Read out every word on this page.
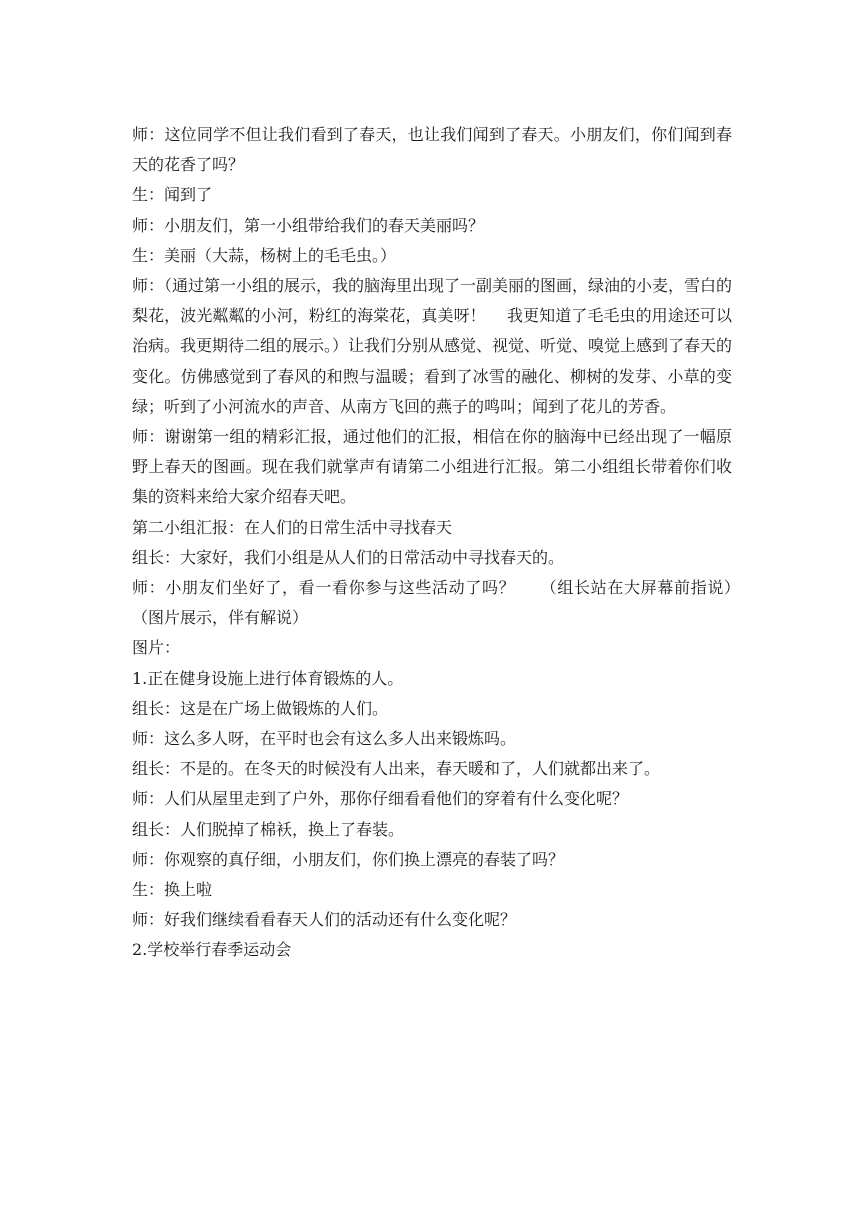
师：这位同学不但让我们看到了春天，也让我们闻到了春天。小朋友们，你们闻到春天的花香了吗？

生：闻到了

师：小朋友们，第一小组带给我们的春天美丽吗？

生：美丽（大蒜，杨树上的毛毛虫。）

师：（通过第一小组的展示，我的脑海里出现了一副美丽的图画，绿油的小麦，雪白的梨花，波光粼粼的小河，粉红的海棠花，真美呀！　 我更知道了毛毛虫的用途还可以治病。我更期待二组的展示。）让我们分别从感觉、视觉、听觉、嗅觉上感到了春天的变化。仿佛感觉到了春风的和煦与温暖；看到了冰雪的融化、柳树的发芽、小草的变绿；听到了小河流水的声音、从南方飞回的燕子的鸣叫；闻到了花儿的芳香。

师：谢谢第一组的精彩汇报，通过他们的汇报，相信在你的脑海中已经出现了一幅原野上春天的图画。现在我们就掌声有请第二小组进行汇报。第二小组组长带着你们收集的资料来给大家介绍春天吧。

第二小组汇报：在人们的日常生活中寻找春天

组长：大家好，我们小组是从人们的日常活动中寻找春天的。

师：小朋友们坐好了，看一看你参与这些活动了吗？　　（组长站在大屏幕前指说）　 （图片展示，伴有解说）

图片：

1.正在健身设施上进行体育锻炼的人。

组长：这是在广场上做锻炼的人们。

师：这么多人呀，在平时也会有这么多人出来锻炼吗。

组长：不是的。在冬天的时候没有人出来，春天暖和了，人们就都出来了。

师：人们从屋里走到了户外，那你仔细看看他们的穿着有什么变化呢？

组长：人们脱掉了棉袄，换上了春装。

师：你观察的真仔细，小朋友们，你们换上漂亮的春装了吗？

生：换上啦

师：好我们继续看看春天人们的活动还有什么变化呢？

2.学校举行春季运动会
